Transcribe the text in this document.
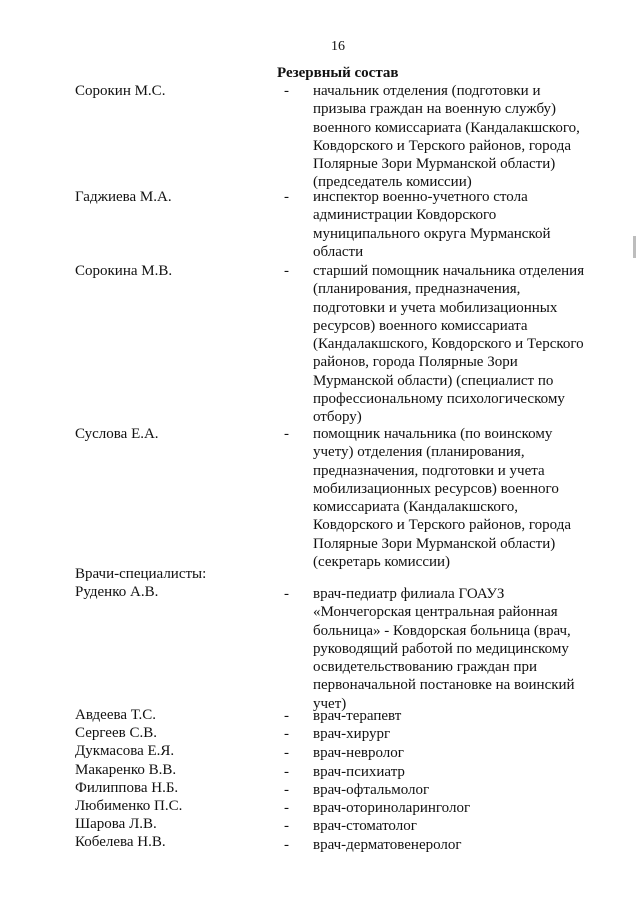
16
Резервный состав
Сорокин М.С.	- начальник отделения (подготовки и
призыва граждан на военную службу)
военного комиссариата (Кандалакшского,
Ковдорского и Терского районов, города
Полярные Зори Мурманской области)
(председатель комиссии)
Гаджиева М.А.	- инспектор военно-учетного стола
администрации Ковдорского
муниципального округа Мурманской
области
Сорокина М.В.	- старший помощник начальника отделения
(планирования, предназначения,
подготовки и учета мобилизационных
ресурсов) военного комиссариата
(Кандалакшского, Ковдорского и Терского
районов, города Полярные Зори
Мурманской области) (специалист по
профессиональному психологическому
отбору)
Суслова Е.А.	- помощник начальника (по воинскому
учету) отделения (планирования,
предназначения, подготовки и учета
мобилизационных ресурсов) военного
комиссариата (Кандалакшского,
Ковдорского и Терского районов, города
Полярные Зори Мурманской области)
(секретарь комиссии)
Врачи-специалисты:
Руденко А.В.	- врач-педиатр филиала ГОАУЗ
«Мончегорская центральная районная
больница» - Ковдорская больница (врач,
руководящий работой по медицинскому
освидетельствованию граждан при
первоначальной постановке на воинский
учет)
Авдеева Т.С.	- врач-терапевт
Сергеев С.В.	- врач-хирург
Дукмасова Е.Я.	- врач-невролог
Макаренко В.В.	- врач-психиатр
Филиппова Н.Б.	- врач-офтальмолог
Любименко П.С.	- врач-оториноларинголог
Шарова Л.В.	- врач-стоматолог
Кобелева Н.В.	- врач-дерматовенеролог
